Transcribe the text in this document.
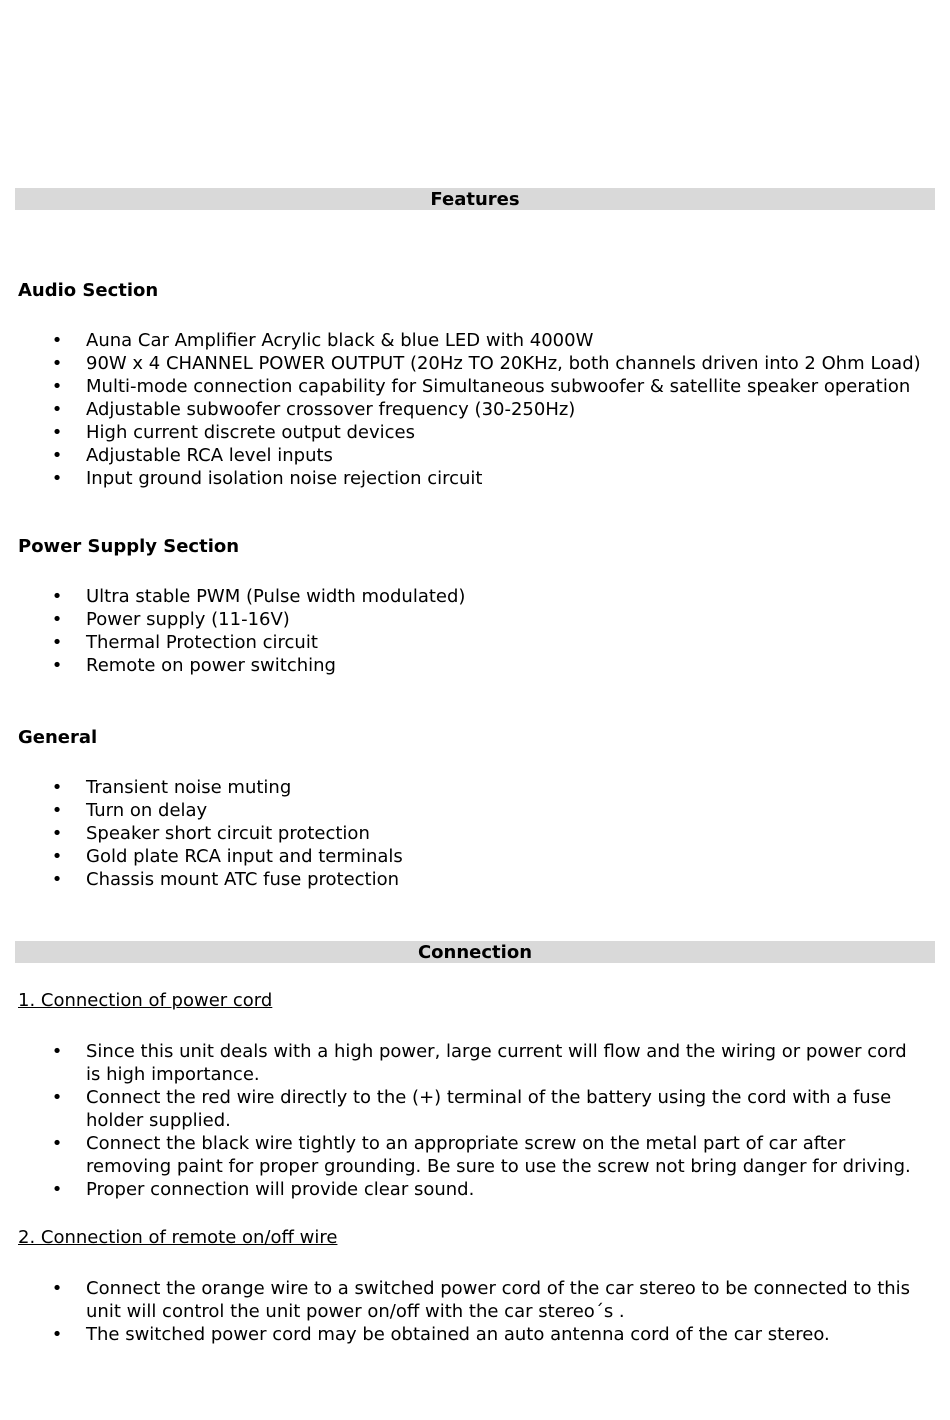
Features
Audio Section
• Auna Car Amplifier Acrylic black & blue LED with 4000W
• 90W x 4 CHANNEL POWER OUTPUT (20Hz TO 20KHz, both channels driven into 2 Ohm Load)
• Multi-mode connection capability for Simultaneous subwoofer & satellite speaker operation
• Adjustable subwoofer crossover frequency (30-250Hz)
• High current discrete output devices
• Adjustable RCA level inputs
• Input ground isolation noise rejection circuit
Power Supply Section
• Ultra stable PWM (Pulse width modulated)
• Power supply (11-16V)
• Thermal Protection circuit
• Remote on power switching
General
• Transient noise muting
• Turn on delay
• Speaker short circuit protection
• Gold plate RCA input and terminals
• Chassis mount ATC fuse protection
Connection
1. Connection of power cord
• Since this unit deals with a high power, large current will flow and the wiring or power cord is high importance.
• Connect the red wire directly to the (+) terminal of the battery using the cord with a fuse holder supplied.
• Connect the black wire tightly to an appropriate screw on the metal part of car after removing paint for proper grounding. Be sure to use the screw not bring danger for driving.
• Proper connection will provide clear sound.
2. Connection of remote on/off wire
• Connect the orange wire to a switched power cord of the car stereo to be connected to this unit will control the unit power on/off with the car stereo´s .
• The switched power cord may be obtained an auto antenna cord of the car stereo.
